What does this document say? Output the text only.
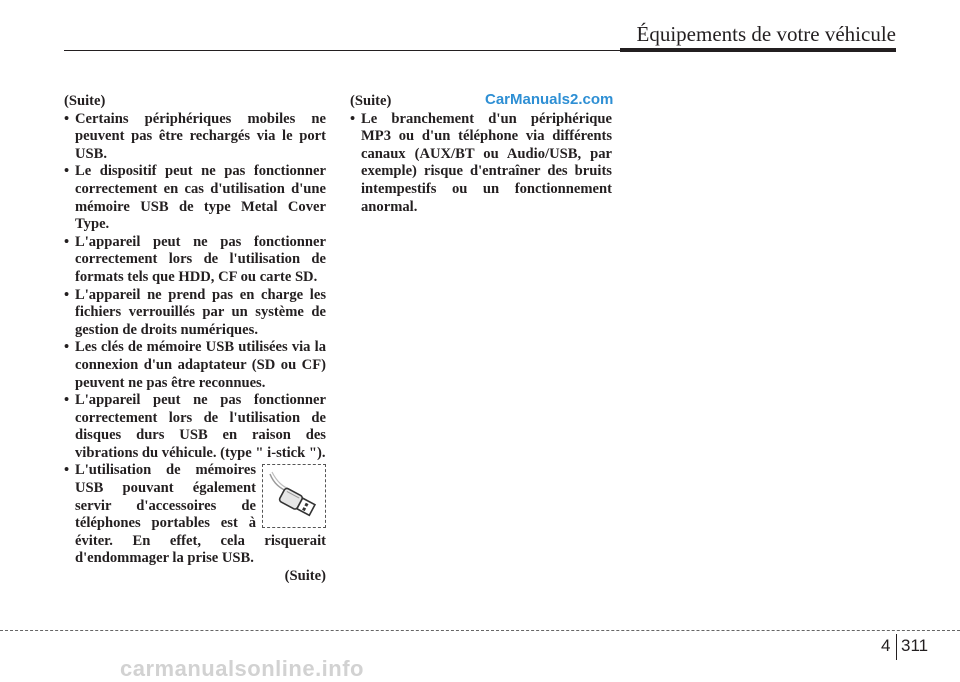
Équipements de votre véhicule

(Suite)

• Certains périphériques mobiles ne peuvent pas être rechargés via le port USB.
• Le dispositif peut ne pas fonctionner correctement en cas d'utilisation d'une mémoire USB de type Metal Cover Type.
• L'appareil peut ne pas fonctionner correctement lors de l'utilisation de formats tels que HDD, CF ou carte SD.
• L'appareil ne prend pas en charge les fichiers verrouillés par un système de gestion de droits numériques.
• Les clés de mémoire USB utilisées via la connexion d'un adaptateur (SD ou CF) peuvent ne pas être reconnues.
• L'appareil peut ne pas fonctionner correctement lors de l'utilisation de disques durs USB en raison des vibrations du véhicule. (type " i-stick ").
• L'utilisation de mémoires USB pouvant également servir d'accessoires de téléphones portables est à éviter. En effet, cela risquerait d'endommager la prise USB.

(Suite)

(Suite)

• Le branchement d'un périphérique MP3 ou d'un téléphone via différents canaux (AUX/BT ou Audio/USB, par exemple) risque d'entraîner des bruits intempestifs ou un fonctionnement anormal.
CarManuals2.com
4 311
carmanualsonline.info
